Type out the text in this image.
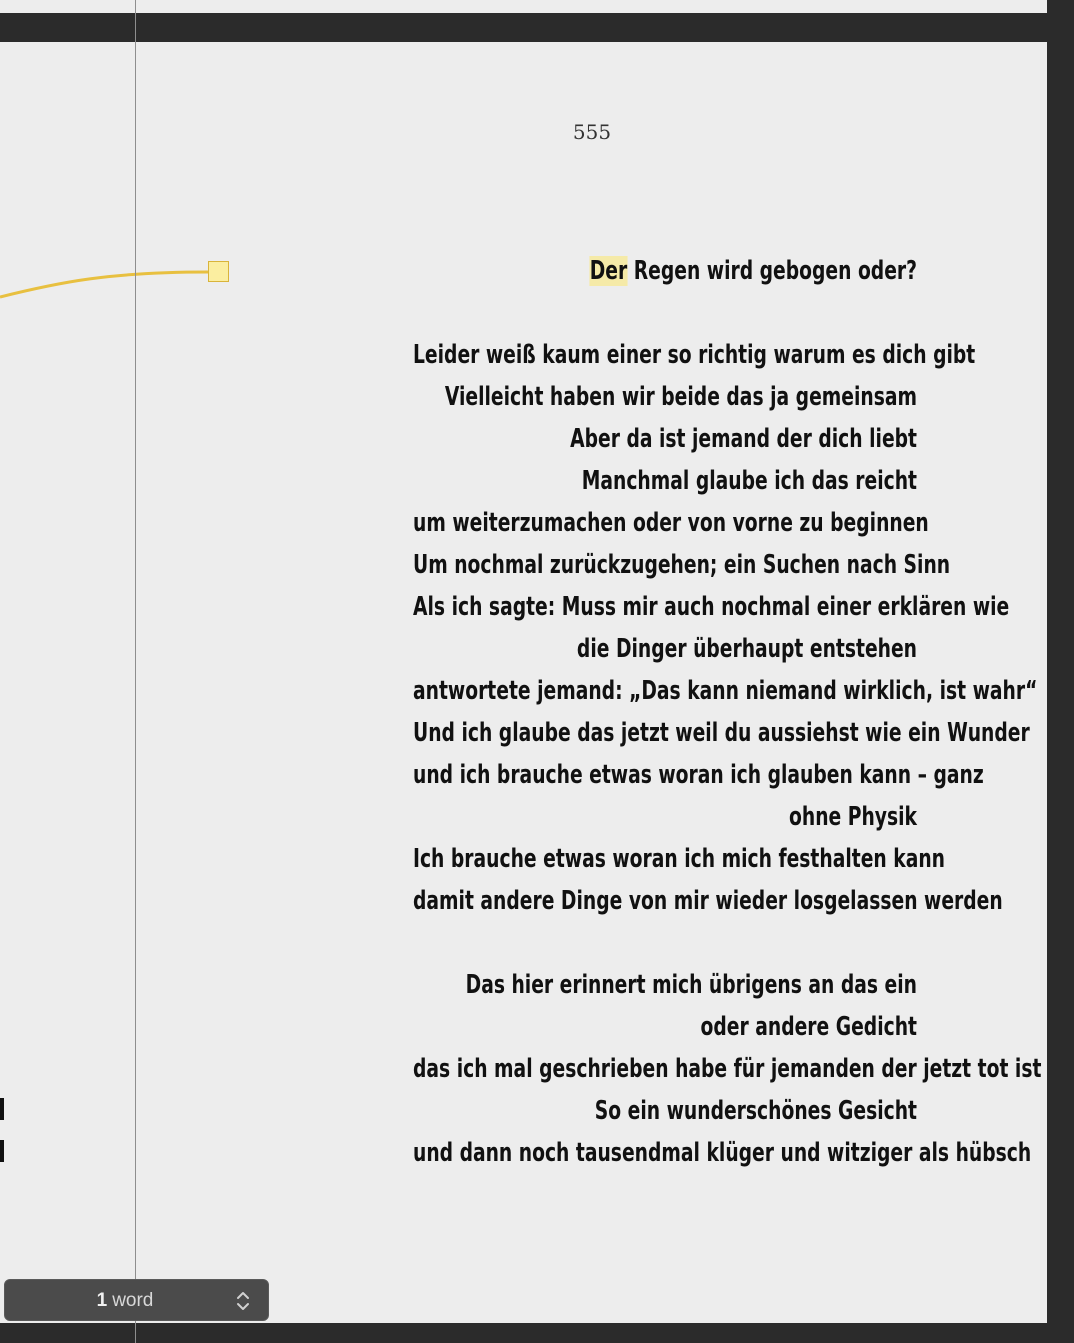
555
Der Regen wird gebogen oder?
Leider weiß kaum einer so richtig warum es dich gibt
Vielleicht haben wir beide das ja gemeinsam
Aber da ist jemand der dich liebt
Manchmal glaube ich das reicht
um weiterzumachen oder von vorne zu beginnen
Um nochmal zurückzugehen; ein Suchen nach Sinn
Als ich sagte: Muss mir auch nochmal einer erklären wie
die Dinger überhaupt entstehen
antwortete jemand: „Das kann niemand wirklich, ist wahr“
Und ich glaube das jetzt weil du aussiehst wie ein Wunder
und ich brauche etwas woran ich glauben kann – ganz
ohne Physik
Ich brauche etwas woran ich mich festhalten kann
damit andere Dinge von mir wieder losgelassen werden
Das hier erinnert mich übrigens an das ein
oder andere Gedicht
das ich mal geschrieben habe für jemanden der jetzt tot ist
So ein wunderschönes Gesicht
und dann noch tausendmal klüger und witziger als hübsch
1 word
